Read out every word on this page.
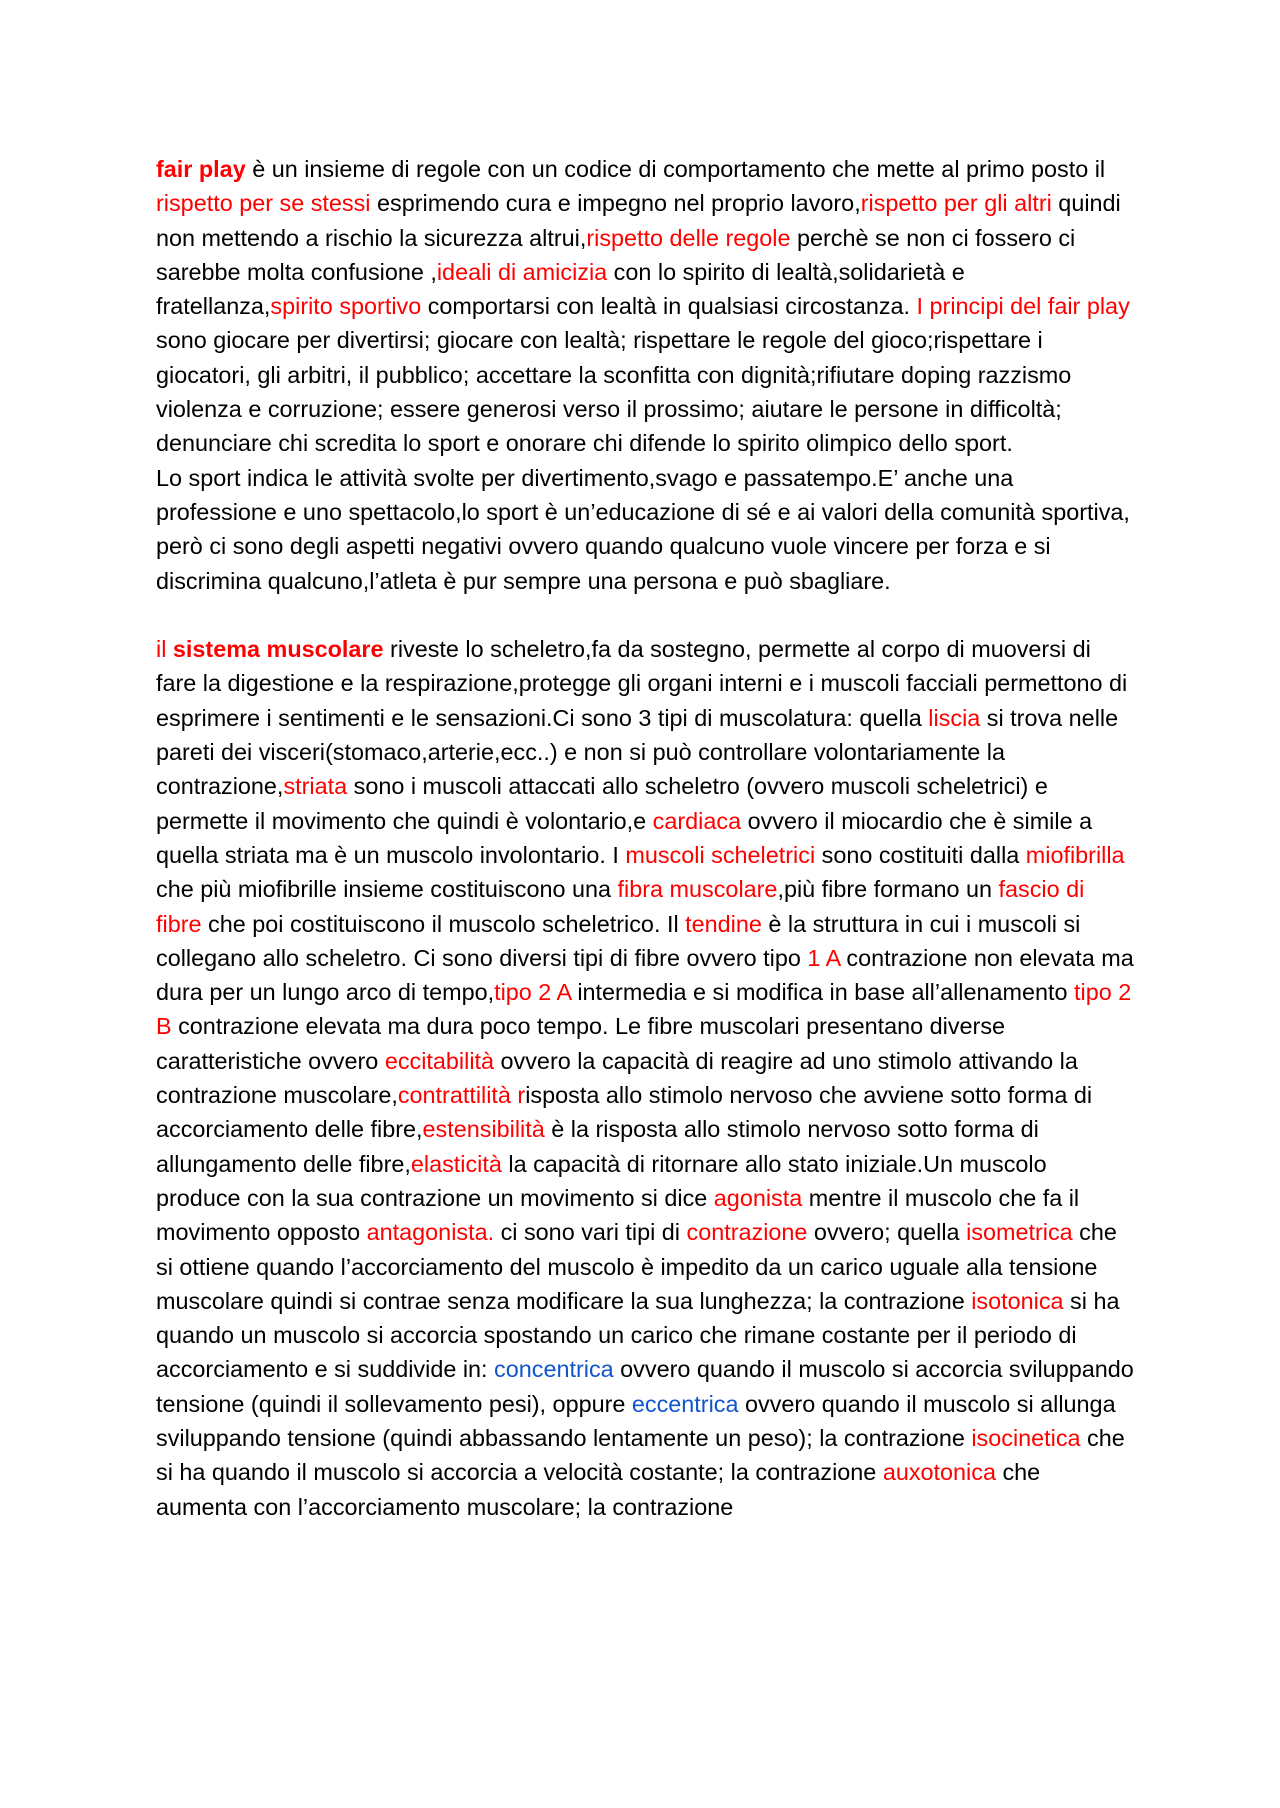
fair play è un insieme di regole con un codice di comportamento che mette al primo posto il rispetto per se stessi esprimendo cura e impegno nel proprio lavoro,rispetto per gli altri quindi non mettendo a rischio la sicurezza altrui,rispetto delle regole perchè se non ci fossero ci sarebbe molta confusione ,ideali di amicizia con lo spirito di lealtà,solidarietà e fratellanza,spirito sportivo comportarsi con lealtà in qualsiasi circostanza. I principi del fair play sono giocare per divertirsi; giocare con lealtà; rispettare le regole del gioco;rispettare i giocatori, gli arbitri, il pubblico; accettare la sconfitta con dignità;rifiutare doping razzismo violenza e corruzione; essere generosi verso il prossimo; aiutare le persone in difficoltà; denunciare chi scredita lo sport e onorare chi difende lo spirito olimpico dello sport.

Lo sport indica le attività svolte per divertimento,svago e passatempo.E’ anche una professione e uno spettacolo,lo sport è un’educazione di sé e ai valori della comunità sportiva, però ci sono degli aspetti negativi ovvero quando qualcuno vuole vincere per forza e si discrimina qualcuno,l’atleta è pur sempre una persona e può sbagliare.

il sistema muscolare riveste lo scheletro,fa da sostegno, permette al corpo di muoversi di fare la digestione e la respirazione,protegge gli organi interni e i muscoli facciali permettono di esprimere i sentimenti e le sensazioni.Ci sono 3 tipi di muscolatura: quella liscia si trova nelle pareti dei visceri(stomaco,arterie,ecc..) e non si può controllare volontariamente la contrazione,striata sono i muscoli attaccati allo scheletro (ovvero muscoli scheletrici) e permette il movimento che quindi è volontario,e cardiaca ovvero il miocardio che è simile a quella striata ma è un muscolo involontario. I muscoli scheletrici sono costituiti dalla miofibrilla che più miofibrille insieme costituiscono una fibra muscolare,più fibre formano un fascio di fibre che poi costituiscono il muscolo scheletrico. Il tendine è la struttura in cui i muscoli si collegano allo scheletro. Ci sono diversi tipi di fibre ovvero tipo 1 A contrazione non elevata ma dura per un lungo arco di tempo,tipo 2 A intermedia e si modifica in base all’allenamento tipo 2 B contrazione elevata ma dura poco tempo. Le fibre muscolari presentano diverse caratteristiche ovvero eccitabilità ovvero la capacità di reagire ad uno stimolo attivando la contrazione muscolare,contrattilità risposta allo stimolo nervoso che avviene sotto forma di accorciamento delle fibre,estensibilità è la risposta allo stimolo nervoso sotto forma di allungamento delle fibre,elasticità la capacità di ritornare allo stato iniziale.Un muscolo produce con la sua contrazione un movimento si dice agonista mentre il muscolo che fa il movimento opposto antagonista. ci sono vari tipi di contrazione ovvero; quella isometrica che si ottiene quando l’accorciamento del muscolo è impedito da un carico uguale alla tensione muscolare quindi si contrae senza modificare la sua lunghezza; la contrazione isotonica si ha quando un muscolo si accorcia spostando un carico che rimane costante per il periodo di accorciamento e si suddivide in: concentrica ovvero quando il muscolo si accorcia sviluppando tensione (quindi il sollevamento pesi), oppure eccentrica ovvero quando il muscolo si allunga sviluppando tensione (quindi abbassando lentamente un peso); la contrazione isocinetica che si ha quando il muscolo si accorcia a velocità costante; la contrazione auxotonica che aumenta con l’accorciamento muscolare; la contrazione
